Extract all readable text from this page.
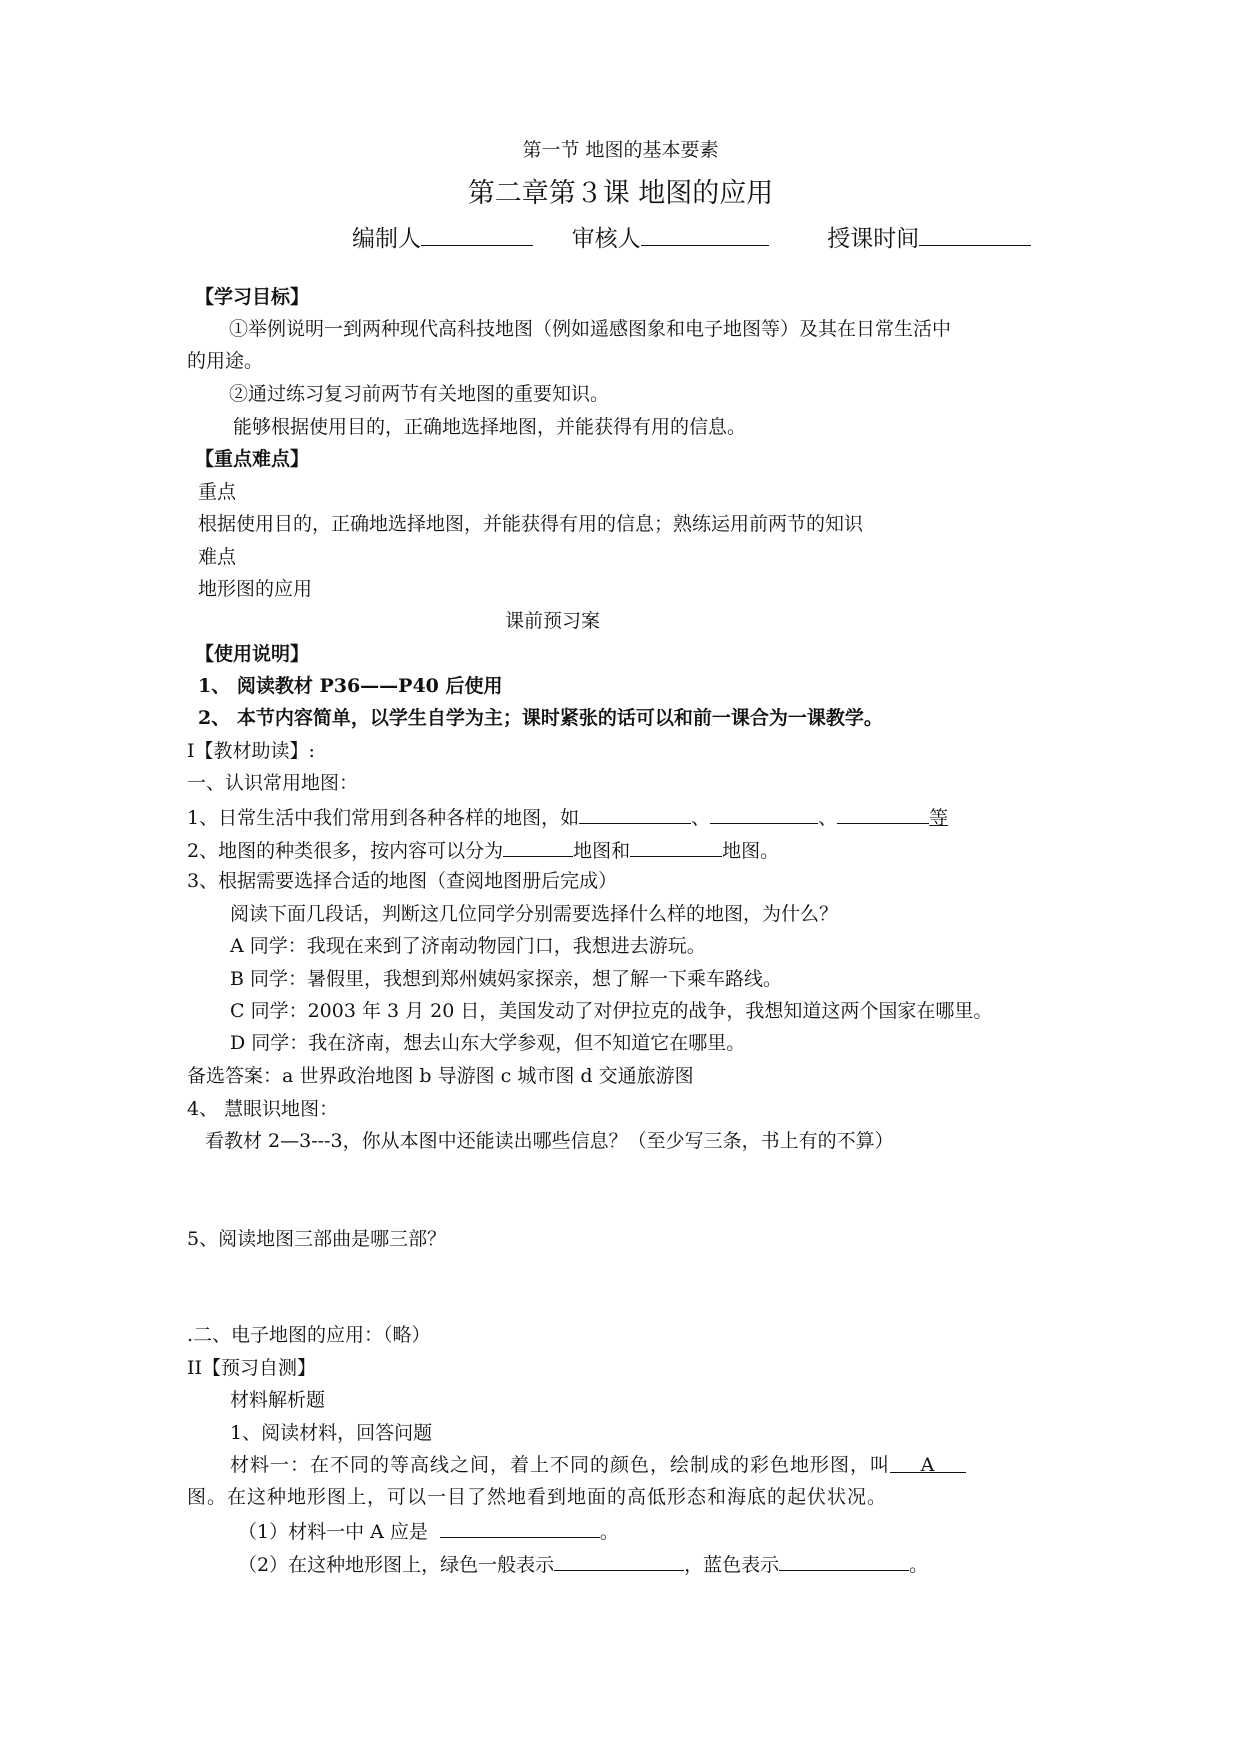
第一节 地图的基本要素
第二章第３课 地图的应用
编制人	审核人	授课时间
【学习目标】
①举例说明一到两种现代高科技地图（例如遥感图象和电子地图等）及其在日常生活中
的用途。
②通过练习复习前两节有关地图的重要知识。
能够根据使用目的，正确地选择地图，并能获得有用的信息。
【重点难点】
重点
根据使用目的，正确地选择地图，并能获得有用的信息；熟练运用前两节的知识
难点
地形图的应用
课前预习案
【使用说明】
1、 阅读教材 P36——P40 后使用
2、 本节内容简单，以学生自学为主；课时紧张的话可以和前一课合为一课教学。
I【教材助读】:
一、认识常用地图：
1、日常生活中我们常用到各种各样的地图，如	、	、	等
2、地图的种类很多，按内容可以分为	地图和	地图。
3、根据需要选择合适的地图（查阅地图册后完成）
阅读下面几段话，判断这几位同学分别需要选择什么样的地图，为什么？
A 同学：我现在来到了济南动物园门口，我想进去游玩。
B 同学：暑假里，我想到郑州姨妈家探亲，想了解一下乘车路线。
C 同学：2003 年 3 月 20 日，美国发动了对伊拉克的战争，我想知道这两个国家在哪里。
D 同学：我在济南，想去山东大学参观，但不知道它在哪里。
备选答案：a 世界政治地图 b 导游图 c 城市图 d 交通旅游图
4、 慧眼识地图：
看教材 2—3---3，你从本图中还能读出哪些信息？（至少写三条，书上有的不算）
5、阅读地图三部曲是哪三部？
.二、电子地图的应用：（略）
II【预习自测】
材料解析题
1、阅读材料，回答问题
材料一：在不同的等高线之间，着上不同的颜色，绘制成的彩色地形图，叫 A
图。在这种地形图上，可以一目了然地看到地面的高低形态和海底的起伏状况。
（1）材料一中 A 应是	。
（2）在这种地形图上，绿色一般表示	，蓝色表示	。
